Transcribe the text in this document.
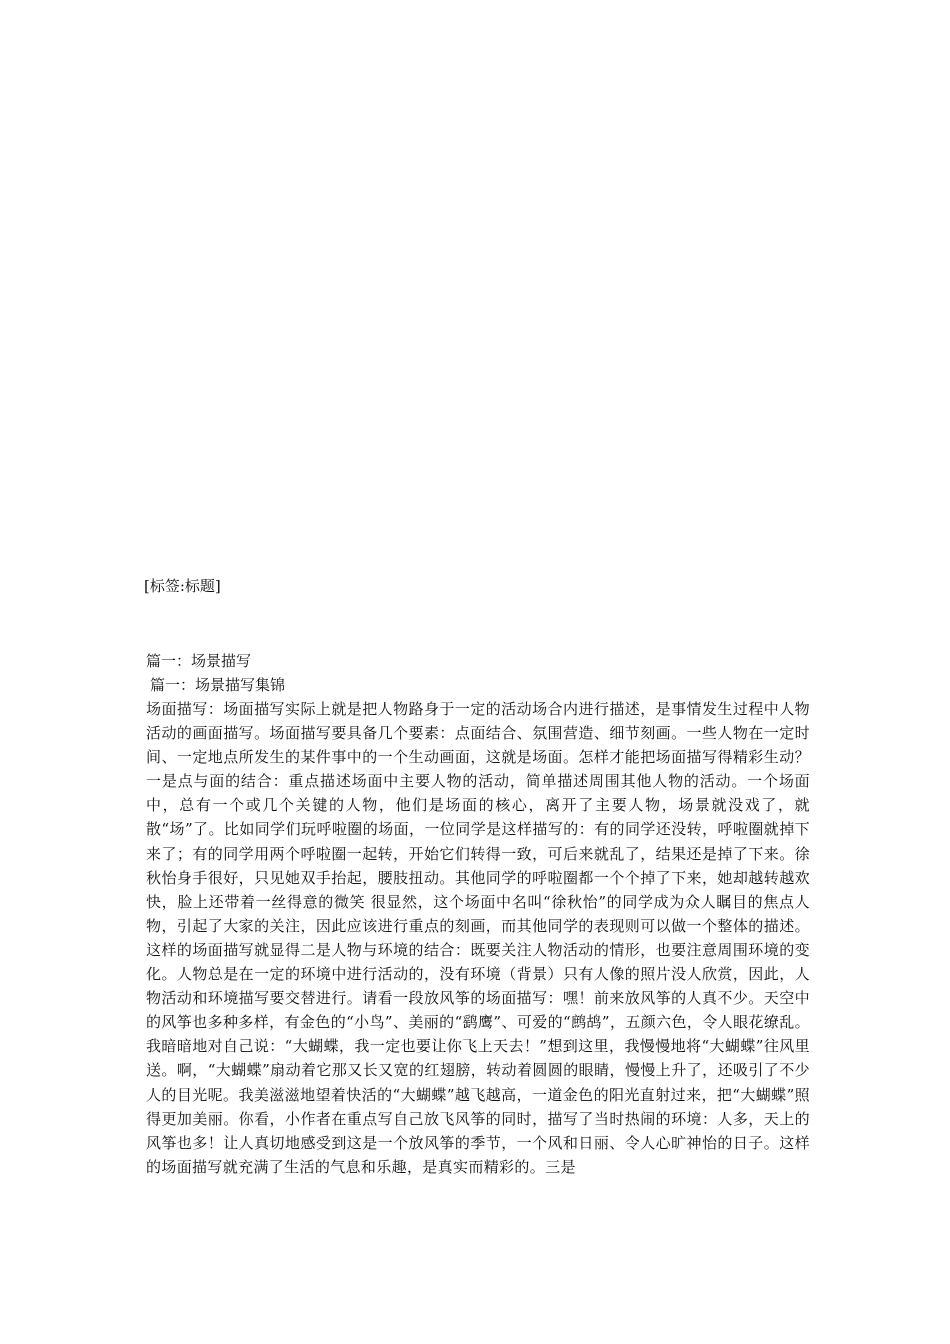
[标签:标题]
篇一：场景描写
篇一：场景描写集锦
场面描写：场面描写实际上就是把人物路身于一定的活动场合内进行描述，是事情发生过程中人物活动的画面描写。场面描写要具备几个要素：点面结合、氛围营造、细节刻画。一些人物在一定时间、一定地点所发生的某件事中的一个生动画面，这就是场面。怎样才能把场面描写得精彩生动？一是点与面的结合：重点描述场面中主要人物的活动，简单描述周围其他人物的活动。一个场面中，总有一个或几个关键的人物，他们是场面的核心，离开了主要人物，场景就没戏了，就散“场”了。比如同学们玩呼啦圈的场面，一位同学是这样描写的：有的同学还没转，呼啦圈就掉下来了；有的同学用两个呼啦圈一起转，开始它们转得一致，可后来就乱了，结果还是掉了下来。徐秋怡身手很好，只见她双手抬起，腰肢扭动。其他同学的呼啦圈都一个个掉了下来，她却越转越欢快，脸上还带着一丝得意的微笑 很显然，这个场面中名叫“徐秋怡”的同学成为众人瞩目的焦点人物，引起了大家的关注，因此应该进行重点的刻画，而其他同学的表现则可以做一个整体的描述。这样的场面描写就显得二是人物与环境的结合：既要关注人物活动的情形，也要注意周围环境的变化。人物总是在一定的环境中进行活动的，没有环境（背景）只有人像的照片没人欣赏，因此，人物活动和环境描写要交替进行。请看一段放风筝的场面描写：嘿！前来放风筝的人真不少。天空中的风筝也多种多样，有金色的“小鸟”、美丽的“鹞鹰”、可爱的“鹧鸪”，五颜六色，令人眼花缭乱。我暗暗地对自己说：“大蝴蝶，我一定也要让你飞上天去！”想到这里，我慢慢地将“大蝴蝶”往风里送。啊，“大蝴蝶”扇动着它那又长又宽的红翅膀，转动着圆圆的眼睛，慢慢上升了，还吸引了不少人的目光呢。我美滋滋地望着快活的“大蝴蝶”越飞越高，一道金色的阳光直射过来，把“大蝴蝶”照得更加美丽。你看，小作者在重点写自己放飞风筝的同时，描写了当时热闹的环境：人多，天上的风筝也多！让人真切地感受到这是一个放风筝的季节，一个风和日丽、令人心旷神怡的日子。这样的场面描写就充满了生活的气息和乐趣，是真实而精彩的。三是
